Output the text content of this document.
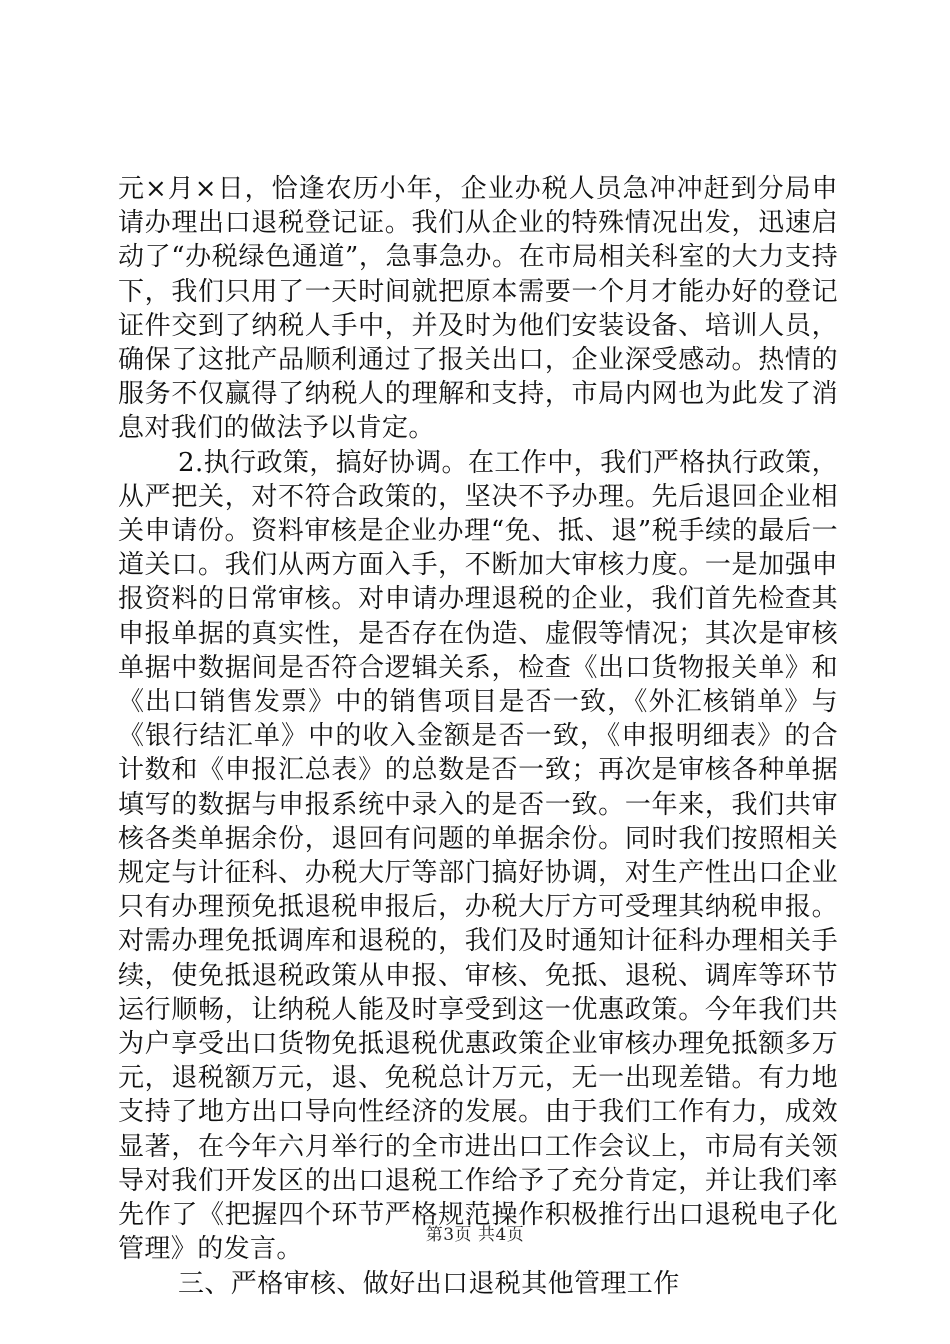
元×月×日，恰逢农历小年，企业办税人员急冲冲赶到分局申请办理出口退税登记证。我们从企业的特殊情况出发，迅速启动了“办税绿色通道”，急事急办。在市局相关科室的大力支持下，我们只用了一天时间就把原本需要一个月才能办好的登记证件交到了纳税人手中，并及时为他们安装设备、培训人员，确保了这批产品顺利通过了报关出口，企业深受感动。热情的服务不仅赢得了纳税人的理解和支持，市局内网也为此发了消息对我们的做法予以肯定。

2.执行政策，搞好协调。在工作中，我们严格执行政策，从严把关，对不符合政策的，坚决不予办理。先后退回企业相关申请份。资料审核是企业办理“免、抵、退”税手续的最后一道关口。我们从两方面入手，不断加大审核力度。一是加强申报资料的日常审核。对申请办理退税的企业，我们首先检查其申报单据的真实性，是否存在伪造、虚假等情况；其次是审核单据中数据间是否符合逻辑关系，检查《出口货物报关单》和《出口销售发票》中的销售项目是否一致，《外汇核销单》与《银行结汇单》中的收入金额是否一致，《申报明细表》的合计数和《申报汇总表》的总数是否一致；再次是审核各种单据填写的数据与申报系统中录入的是否一致。一年来，我们共审核各类单据余份，退回有问题的单据余份。同时我们按照相关规定与计征科、办税大厅等部门搞好协调，对生产性出口企业只有办理预免抵退税申报后，办税大厅方可受理其纳税申报。对需办理免抵调库和退税的，我们及时通知计征科办理相关手续，使免抵退税政策从申报、审核、免抵、退税、调库等环节运行顺畅，让纳税人能及时享受到这一优惠政策。今年我们共为户享受出口货物免抵退税优惠政策企业审核办理免抵额多万元，退税额万元，退、免税总计万元，无一出现差错。有力地支持了地方出口导向性经济的发展。由于我们工作有力，成效显著，在今年六月举行的全市进出口工作会议上，市局有关领导对我们开发区的出口退税工作给予了充分肯定，并让我们率先作了《把握四个环节严格规范操作积极推行出口退税电子化管理》的发言。

三、严格审核、做好出口退税其他管理工作

第3页 共4页
